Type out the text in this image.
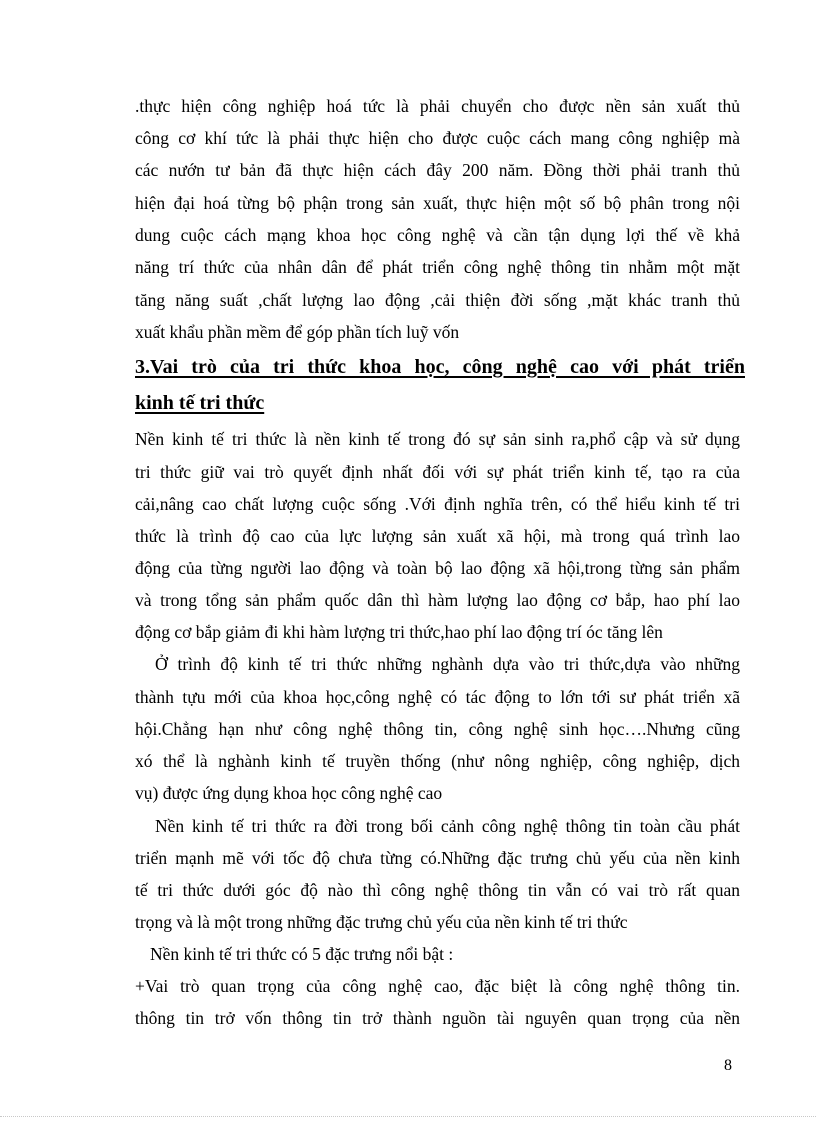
.thực hiện công nghiệp hoá tức là phải chuyển cho được nền sản xuất thủ
công cơ khí tức là phải thực hiện cho được cuộc cách mang công nghiệp mà
các nướn tư bản đã thực hiện cách đây 200 năm. Đồng thời phải tranh thủ
hiện đại hoá từng bộ phận trong sản xuất, thực hiện một số bộ phân trong nội
dung cuộc cách mạng khoa học công nghệ và cần tận dụng lợi thế về khả
năng trí thức của nhân dân để phát triển công nghệ thông tin nhằm một mặt
tăng năng suất ,chất lượng lao động ,cải thiện đời sống ,mặt khác tranh thủ
xuất khẩu phần mềm để góp phần tích luỹ vốn
3.Vai trò của tri thức khoa học, công nghệ cao với phát triển
kinh tế tri thức
Nền kinh tế tri thức là nền kinh tế trong đó sự sản sinh ra,phổ cập và sử dụng
tri thức giữ vai trò quyết định nhất đối với sự phát triển kinh tế, tạo ra của
cải,nâng cao chất lượng cuộc sống .Với định nghĩa trên, có thể hiểu kinh tế tri
thức là trình độ cao của lực lượng sản xuất xã hội, mà trong quá trình lao
động của từng người lao động và toàn bộ lao động xã hội,trong từng sản phẩm
và trong tổng sản phẩm quốc dân thì hàm lượng lao động cơ bắp, hao phí lao
động cơ bắp giảm đi khi hàm lượng tri thức,hao phí lao động trí óc tăng lên
Ở trình độ kinh tế tri thức những nghành dựa vào tri thức,dựa vào những
thành tựu mới của khoa học,công nghệ có tác động to lớn tới sư phát triển xã
hội.Chẳng hạn như công nghệ thông tin, công nghệ sinh học….Nhưng cũng
xó thể là nghành kinh tế truyền thống (như nông nghiệp, công nghiệp, dịch
vụ) được ứng dụng khoa học công nghệ cao
Nền kinh tế tri thức ra đời trong bối cảnh công nghệ thông tin toàn cầu phát
triển mạnh mẽ với tốc độ chưa từng có.Những đặc trưng chủ yếu của nền kinh
tế tri thức dưới góc độ nào thì công nghệ thông tin vẫn có vai trò rất quan
trọng và là một trong những đặc trưng chủ yếu của nền kinh tế tri thức
Nền kinh tế tri thức có 5 đặc trưng nổi bật :
+Vai trò quan trọng của công nghệ cao, đặc biệt là công nghệ thông tin.
thông tin trở vốn thông tin trở thành nguồn tài nguyên quan trọng của nền
8
